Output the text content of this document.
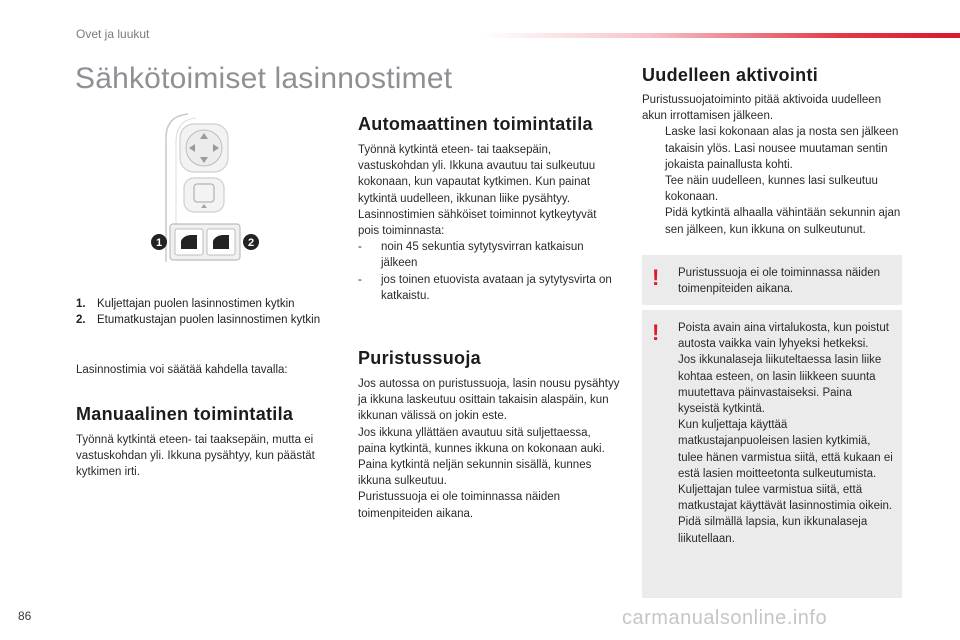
Ovet ja luukut
Sähkötoimiset lasinnostimet
1	2
1. Kuljettajan puolen lasinnostimen kytkin
2. Etumatkustajan puolen lasinnostimen kytkin
Lasinnostimia voi säätää kahdella tavalla:
Manuaalinen toimintatila
Työnnä kytkintä eteen- tai taaksepäin, mutta ei vastuskohdan yli. Ikkuna pysähtyy, kun päästät kytkimen irti.
Automaattinen toimintatila

Työnnä kytkintä eteen- tai taaksepäin, vastuskohdan yli. Ikkuna avautuu tai sulkeutuu kokonaan, kun vapautat kytkimen. Kun painat kytkintä uudelleen, ikkunan liike pysähtyy.

Lasinnostimien sähköiset toiminnot kytkeytyvät pois toiminnasta:

-	noin 45 sekuntia sytytysvirran katkaisun jälkeen
-	jos toinen etuovista avataan ja sytytysvirta on katkaistu.
Puristussuoja

Jos autossa on puristussuoja, lasin nousu pysähtyy ja ikkuna laskeutuu osittain takaisin alaspäin, kun ikkunan välissä on jokin este.

Jos ikkuna yllättäen avautuu sitä suljettaessa, paina kytkintä, kunnes ikkuna on kokonaan auki. Paina kytkintä neljän sekunnin sisällä, kunnes ikkuna sulkeutuu.

Puristussuoja ei ole toiminnassa näiden toimenpiteiden aikana.

Uudelleen aktivointi

Puristussuojatoiminto pitää aktivoida uudelleen akun irrottamisen jälkeen.

Laske lasi kokonaan alas ja nosta sen jälkeen takaisin ylös. Lasi nousee muutaman sentin jokaista painallusta kohti.
Tee näin uudelleen, kunnes lasi sulkeutuu kokonaan.
Pidä kytkintä alhaalla vähintään sekunnin ajan sen jälkeen, kun ikkuna on sulkeutunut.
! Puristussuoja ei ole toiminnassa näiden toimenpiteiden aikana.
! Poista avain aina virtalukosta, kun poistut autosta vaikka vain lyhyeksi hetkeksi.

Jos ikkunalaseja liikuteltaessa lasin liike kohtaa esteen, on lasin liikkeen suunta muutettava päinvastaiseksi. Paina kyseistä kytkintä.

Kun kuljettaja käyttää matkustajanpuoleisen lasien kytkimiä, tulee hänen varmistua siitä, että kukaan ei estä lasien moitteetonta sulkeutumista.

Kuljettajan tulee varmistua siitä, että matkustajat käyttävät lasinnostimia oikein.

Pidä silmällä lapsia, kun ikkunalaseja liikutellaan.

86	carmanualsonline.info
